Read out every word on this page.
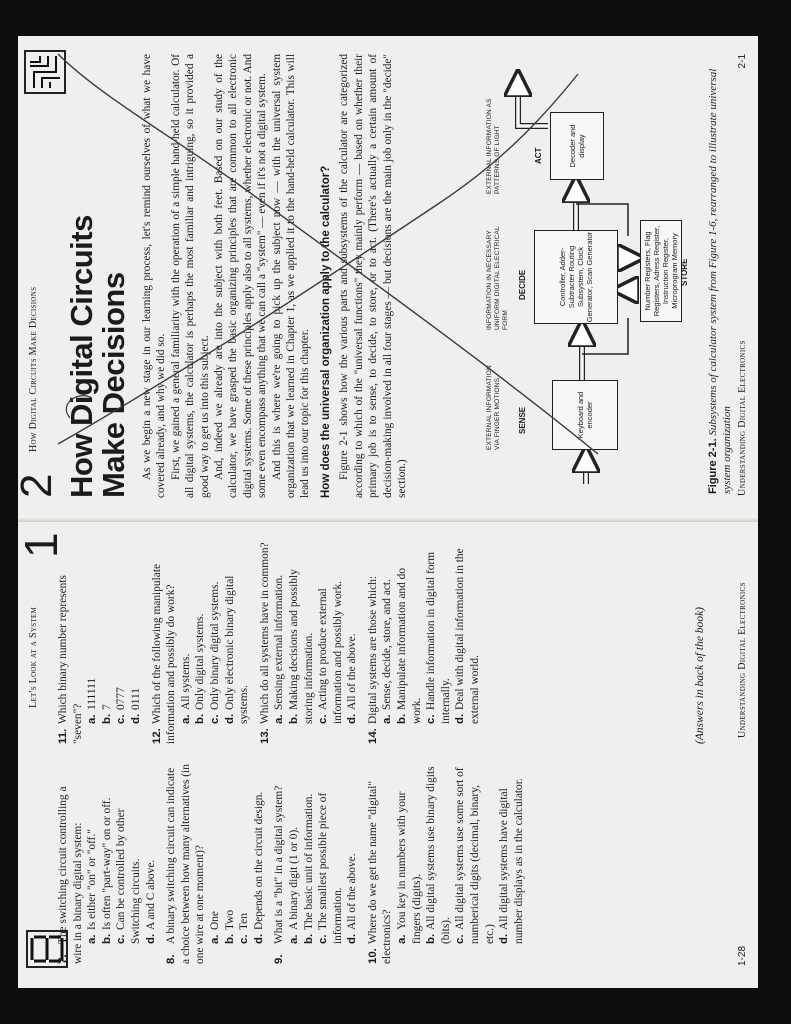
Let's Look at a System
1
7.The switching circuit controlling a wire in a binary digital system: a.Is either "on" or "off."
b.Is often "part-way" on or off.
c.Can be controlled by other Switching circuits. d.A and C above.
8.A binary switching circuit can indicate a choice between how many alternatives (in one wire at one moment)? a.One
b.Two
c.Ten
d.Depends on the circuit design.
9.What is a "bit" in a digital system? a.A binary digit (1 or 0).
b.The basic unit of information.
c.The smallest possible piece of information. d.All of the above.
10.Where do we get the name "digital" electronics? a.You key in numbers with your fingers (digits). b.All digital systems use binary digits (bits). c.All digital systems use some sort of numberical digits (decimal, binary, etc.) d.All digital systems have digital number displays as in the calculator.
11.Which binary number represents "seven"? a.111111
b.7
c.0777
d.0111
12.Which of the following manipulate information and possibly do work? a.All systems.
b.Only digital systems.
c.Only binary digital systems.
d.Only electronic binary digital systems.
13.Which do all systems have in common? a.Sensing external information.
b.Making decisions and possibly storing information. c.Acting to produce external information and possibly work. d.All of the above.
14.Digital systems are those which: a.Sense, decide, store, and act.
b.Manipulate information and do work. c.Handle information in digital form internally. d.Deal with digital information in the external world.	(Answers in back of the book)
1-28
Understanding Digital Electronics
2
How Digital Circuits Make Decisions How Digital Circuits
Make Decisions As we begin a new stage in our learning process, let's remind ourselves of what we have covered already, and why we did so. First, we gained a general familiarity with the operation of a simple hand-held calculator. Of all digital systems, the calculator is perhaps the most familiar and intriguing, so it provided a good way to get us into this subject. And, indeed we already are into the subject with both feet. Based on our study of the calculator, we have grasped the basic organizing principles that are common to all electronic digital systems. Some of these principles apply also to all systems, whether electronic or not. And some even encompass anything that we can call a "system" — even if it's not a digital system. And this is where we're going to pick up the subject now — with the universal system organization that we learned in Chapter 1, as we applied it to the hand-held calculator. This will lead us into our topic for this chapter. How does the universal organization apply to the calculator? Figure 2-1 shows how the various parts and subsystems of the calculator are categorized according to which of the "universal functions" they mainly perform — based on whether their primary job is to sense, to decide, to store, or to act. (There's actually a certain amount of decision-making involved in all four stages — but decisions are the main job only in the "decide" section.)

EXTERNAL INFORMATION VIA FINGER MOTIONS
INFORMATION IN NECESSARY UNIFORM DIGITAL ELECTRICAL FORM
EXTERNAL INFORMATION AS PATTERNS OF LIGHT
SENSE
DECIDE
ACT
Keyboard and encoder
Controller, Adder-Subtracter Routing Subsystem, Clock Generator, Scan Generator
Decoder and display
Number Registers, Flag Registers, Adress Register, Instruction Register, Microprogram Memory STORE
Figure 2-1. Subsystems of calculator system from Figure 1-6, rearranged to illustrate universal system organization
2-1
Understanding Digital Electronics
